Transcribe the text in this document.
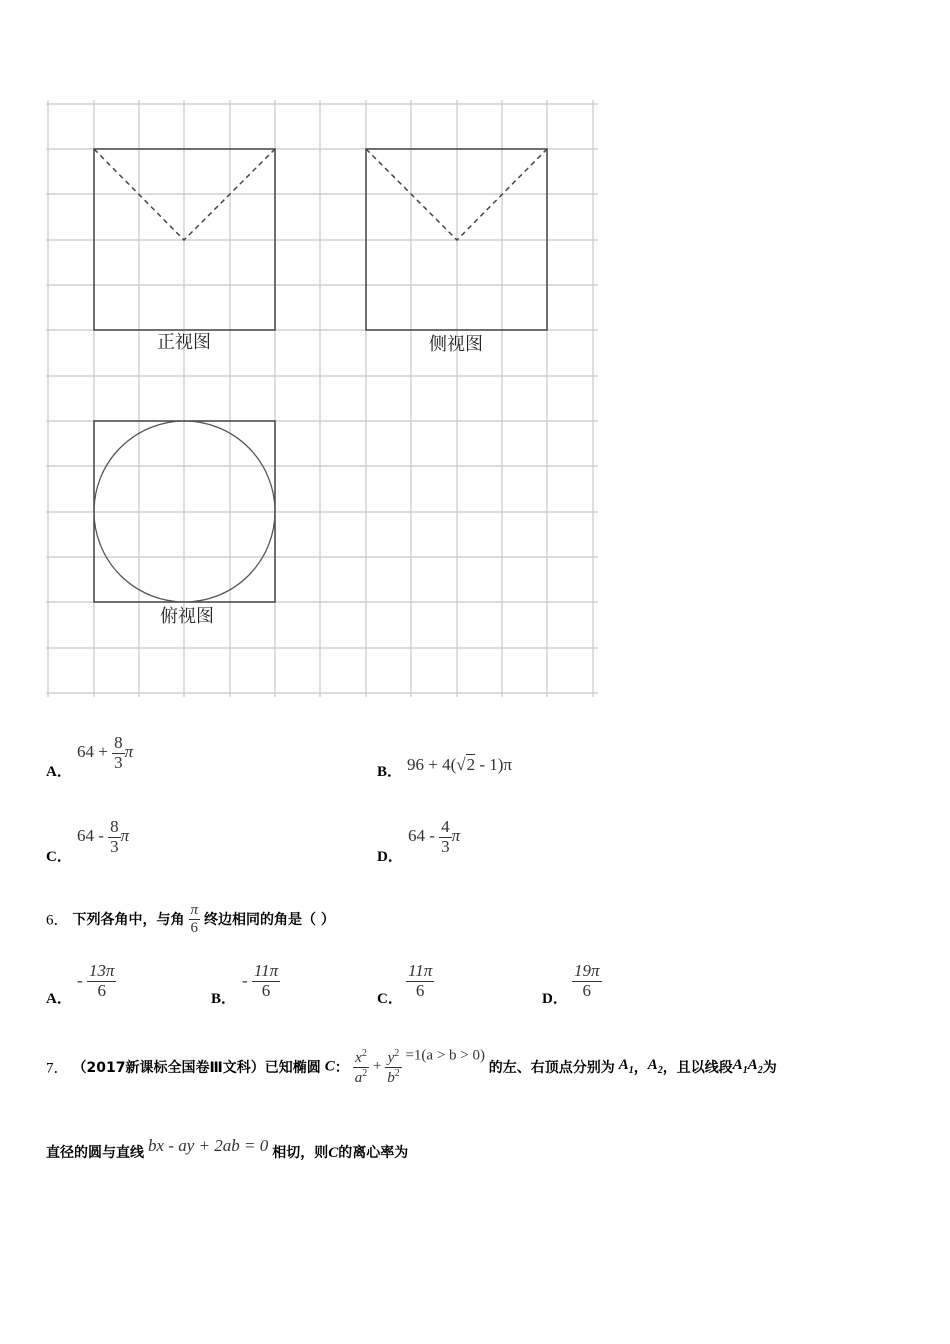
正视图	侧视图
俯视图
A．
$64 + \frac{8}{3}$ π
B． 96 + 4(√2 - 1)π
C．
$64 - \frac{8}{3}$ π
D．
$64 - \frac{4}{3}$ π
6． 下列各角中，与角 $\frac{\pi}{6}$ 终边相同的角是（ ）
A．
- $\frac{13\pi}{6}$	B．
- $\frac{11\pi}{6}$	C． $\frac{11\pi}{6}$	D． $\frac{19\pi}{6}$
7． （2017新课标全国卷Ⅲ文科）已知椭圆 C： $\frac{x^2}{a^2} + \frac{y^2}{b^2} =1(a > b > 0)$ 的左、右顶点分别为 $A_1$，$A_2$，且以线段$A_1A_2$为
直径的圆与直线 bx - ay + 2ab = 0 相切，则C的离心率为
